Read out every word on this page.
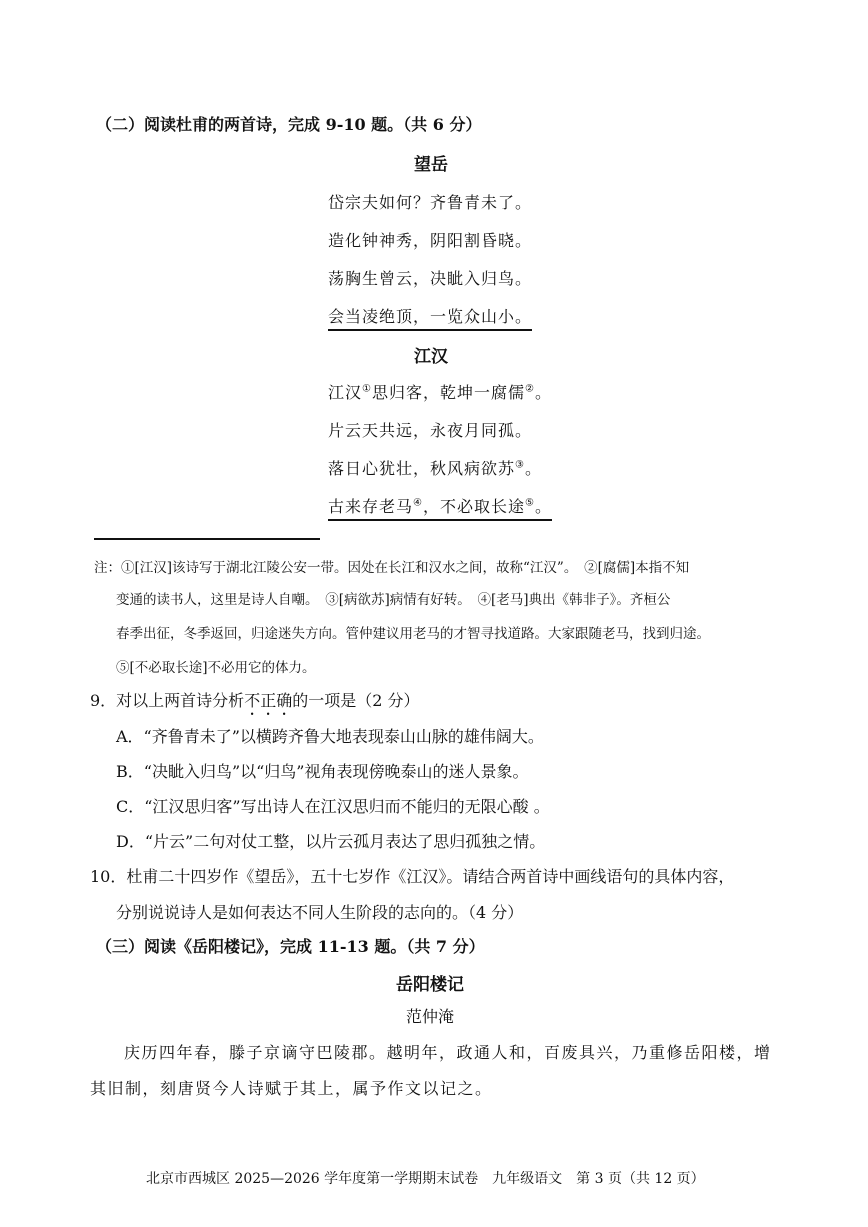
（二）阅读杜甫的两首诗，完成 9-10 题。（共 6 分）
望岳
岱宗夫如何？齐鲁青未了。
造化钟神秀，阴阳割昏晓。
荡胸生曾云，决眦入归鸟。
会当凌绝顶，一览众山小。
江汉
江汉①思归客，乾坤一腐儒②。
片云天共远，永夜月同孤。
落日心犹壮，秋风病欲苏③。
古来存老马④，不必取长途⑤。
注：①[江汉]该诗写于湖北江陵公安一带。因处在长江和汉水之间，故称“江汉”。　②[腐儒]本指不知
变通的读书人，这里是诗人自嘲。　③[病欲苏]病情有好转。　④[老马]典出《韩非子》。齐桓公
春季出征，冬季返回，归途迷失方向。管仲建议用老马的才智寻找道路。大家跟随老马，找到归途。
⑤[不必取长途]不必用它的体力。
9．对以上两首诗分析不正确的一项是（2 分）
A．“齐鲁青未了”以横跨齐鲁大地表现泰山山脉的雄伟阔大。
B．“决眦入归鸟”以“归鸟”视角表现傍晚泰山的迷人景象。
C．“江汉思归客”写出诗人在江汉思归而不能归的无限心酸 。
D．“片云”二句对仗工整，以片云孤月表达了思归孤独之情。
10．杜甫二十四岁作《望岳》，五十七岁作《江汉》。请结合两首诗中画线语句的具体内容，
分别说说诗人是如何表达不同人生阶段的志向的。（4 分）
（三）阅读《岳阳楼记》，完成 11-13 题。（共 7 分）
岳阳楼记
范仲淹
庆历四年春，滕子京谪守巴陵郡。越明年，政通人和，百废具兴，乃重修岳阳楼，增
其旧制，刻唐贤今人诗赋于其上，属予作文以记之。
北京市西城区 2025—2026 学年度第一学期期末试卷　九年级语文　第 3 页（共 12 页）
